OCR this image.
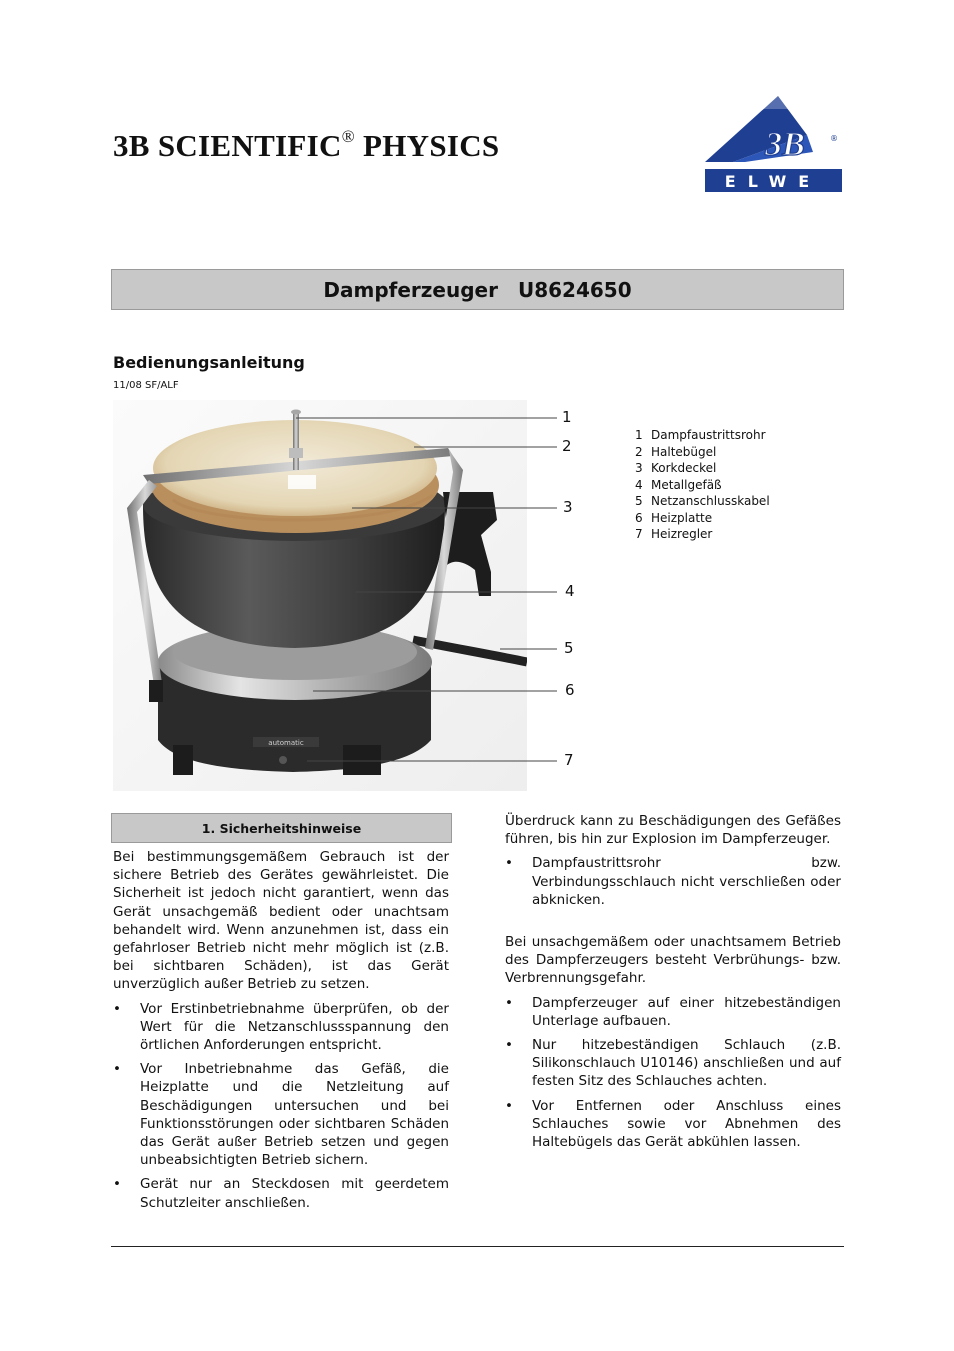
3B SCIENTIFIC® PHYSICS	3B	®
ELWE
Dampferzeuger U8624650
Bedienungsanleitung
11/08 SF/ALF
automatic
1
2
3
4
5
6
7
1 Dampfaustrittsrohr
2 Haltebügel
3 Korkdeckel
4 Metallgefäß
5 Netzanschlusskabel
6 Heizplatte
7 Heizregler
1. Sicherheitshinweise

Bei bestimmungsgemäßem Gebrauch ist der sichere Betrieb des Gerätes gewährleistet. Die Sicherheit ist jedoch nicht garantiert, wenn das Gerät unsachgemäß bedient oder unachtsam behandelt wird. Wenn anzunehmen ist, dass ein gefahrloser Betrieb nicht mehr möglich ist (z.B. bei sichtbaren Schäden), ist das Gerät unverzüglich außer Betrieb zu setzen.

• Vor Erstinbetriebnahme überprüfen, ob der Wert für die Netzanschlussspannung den örtlichen Anforderungen entspricht.
• Vor Inbetriebnahme das Gefäß, die Heizplatte und die Netzleitung auf Beschädigungen untersuchen und bei Funktionsstörungen oder sichtbaren Schäden das Gerät außer Betrieb setzen und gegen unbeabsichtigten Betrieb sichern.
• Gerät nur an Steckdosen mit geerdetem Schutzleiter anschließen.

Überdruck kann zu Beschädigungen des Gefäßes führen, bis hin zur Explosion im Dampferzeuger.

• Dampfaustrittsrohr bzw. Verbindungsschlauch nicht verschließen oder abknicken.

Bei unsachgemäßem oder unachtsamem Betrieb des Dampferzeugers besteht Verbrühungs- bzw. Verbrennungsgefahr.

• Dampferzeuger auf einer hitzebeständigen Unterlage aufbauen.
• Nur hitzebeständigen Schlauch (z.B. Silikonschlauch U10146) anschließen und auf festen Sitz des Schlauches achten.
• Vor Entfernen oder Anschluss eines Schlauches sowie vor Abnehmen des Haltebügels das Gerät abkühlen lassen.
